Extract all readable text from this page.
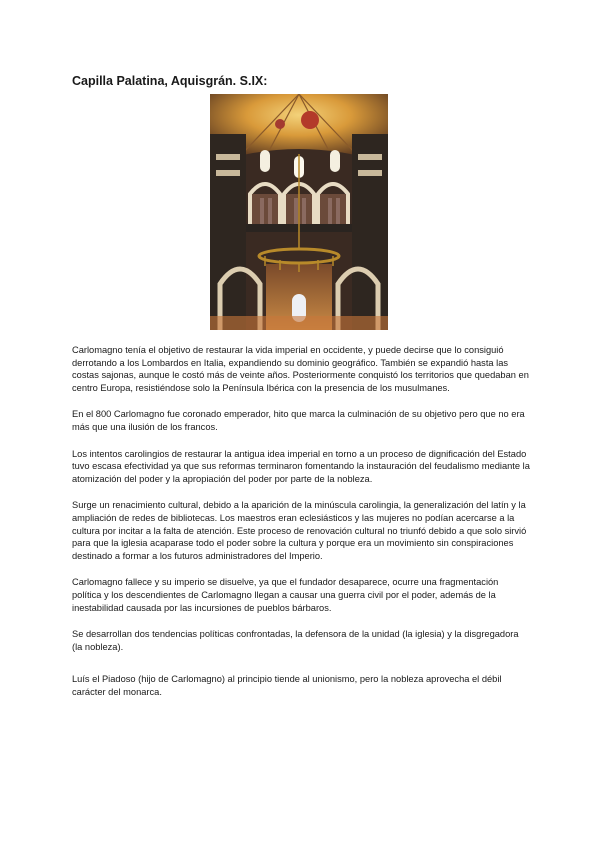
Capilla Palatina, Aquisgrán. S.IX:

Carlomagno tenía el objetivo de restaurar la vida imperial en occidente, y puede decirse que lo consiguió derrotando a los Lombardos en Italia, expandiendo su dominio geográfico. También se expandió hasta las costas sajonas, aunque le costó más de veinte años. Posteriormente conquistó los territorios que quedaban en centro Europa, resistiéndose solo la Península Ibérica con la presencia de los musulmanes.

En el 800 Carlomagno fue coronado emperador, hito que marca la culminación de su objetivo pero que no era más que una ilusión de los francos.

Los intentos carolingios de restaurar la antigua idea imperial en torno a un proceso de dignificación del Estado tuvo escasa efectividad ya que sus reformas terminaron fomentando la instauración del feudalismo mediante la atomización del poder y la apropiación del poder por parte de la nobleza.

Surge un renacimiento cultural, debido a la aparición de la minúscula carolingia, la generalización del latín y la ampliación de redes de bibliotecas. Los maestros eran eclesiásticos y las mujeres no podían acercarse a la cultura por incitar a la falta de atención. Este proceso de renovación cultural no triunfó debido a que solo sirvió para que la iglesia acaparase todo el poder sobre la cultura y porque era un movimiento sin conspiraciones destinado a formar a los futuros administradores del Imperio.

Carlomagno fallece y su imperio se disuelve, ya que el fundador desaparece, ocurre una fragmentación política y los descendientes de Carlomagno llegan a causar una guerra civil por el poder, además de la inestabilidad causada por las incursiones de pueblos bárbaros.

Se desarrollan dos tendencias políticas confrontadas, la defensora de la unidad (la iglesia) y la disgregadora (la nobleza).

Luís el Piadoso (hijo de Carlomagno) al principio tiende al unionismo, pero la nobleza aprovecha el débil carácter del monarca.
